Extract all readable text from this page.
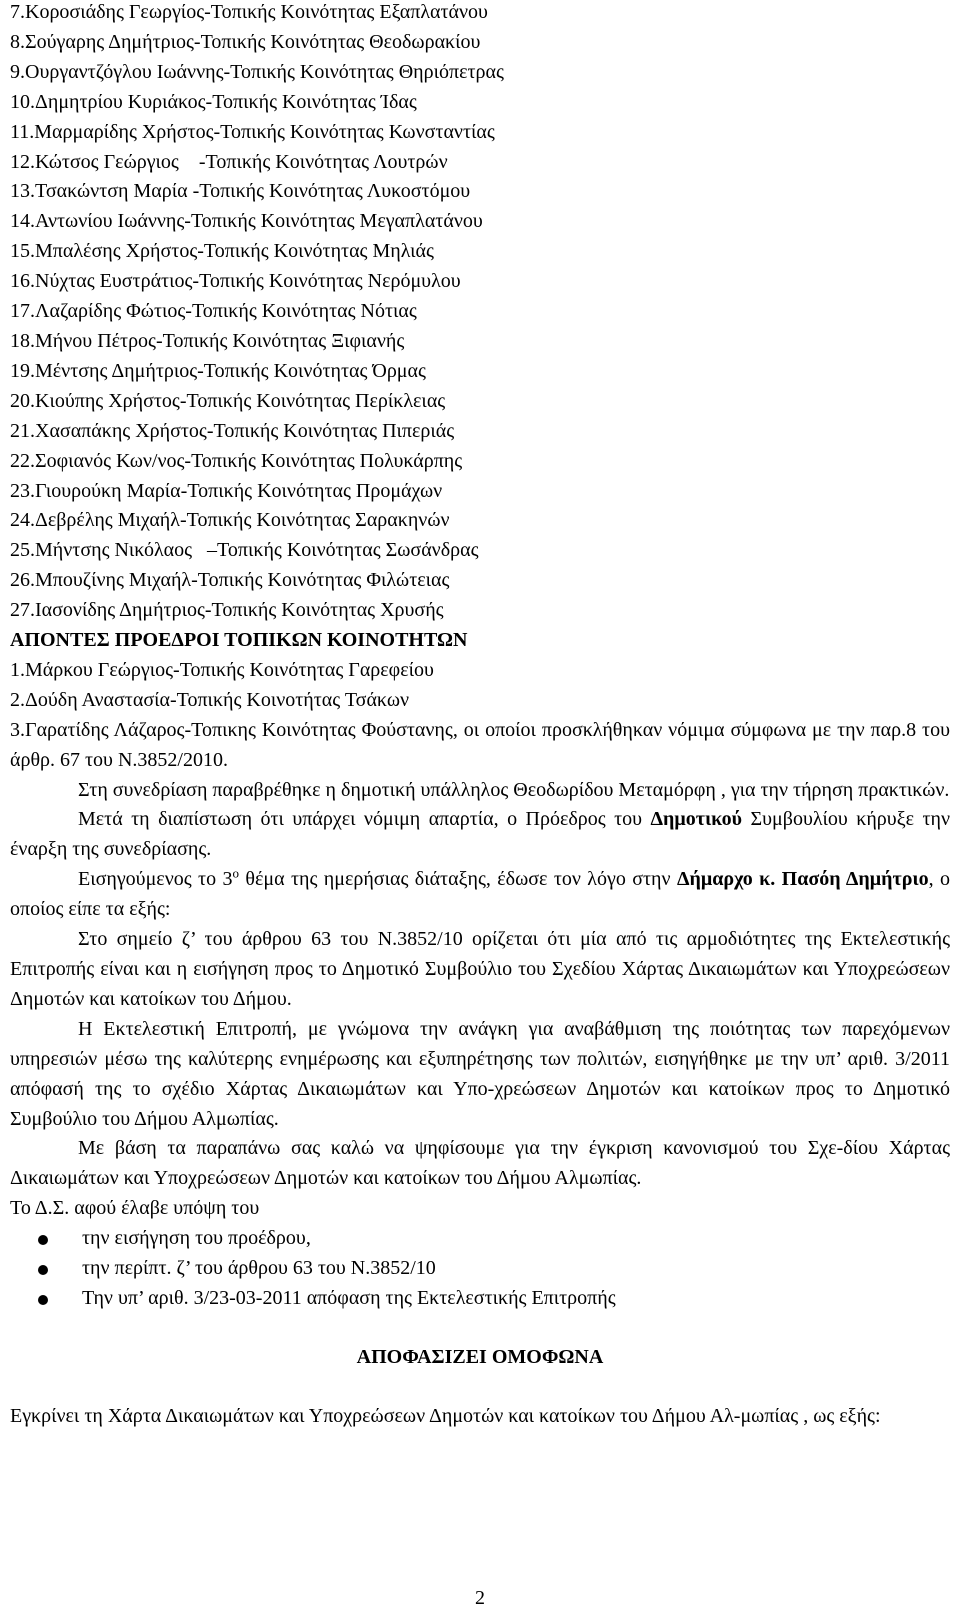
7.Κοροσιάδης Γεωργίος-Τοπικής Κοινότητας Εξαπλατάνου
8.Σούγαρης Δημήτριος-Τοπικής Κοινότητας Θεοδωρακίου
9.Ουργαντζόγλου Ιωάννης-Τοπικής Κοινότητας Θηριόπετρας
10.Δημητρίου Κυριάκος-Τοπικής Κοινότητας Ίδας
11.Μαρμαρίδης Χρήστος-Τοπικής Κοινότητας Κωνσταντίας
12.Κώτσος Γεώργιος    -Τοπικής Κοινότητας Λουτρών
13.Τσακώντση Μαρία -Τοπικής Κοινότητας Λυκοστόμου
14.Αντωνίου Ιωάννης-Τοπικής Κοινότητας Μεγαπλατάνου
15.Μπαλέσης Χρήστος-Τοπικής Κοινότητας Μηλιάς
16.Νύχτας Ευστράτιος-Τοπικής Κοινότητας Νερόμυλου
17.Λαζαρίδης Φώτιος-Τοπικής Κοινότητας Νότιας
18.Μήνου Πέτρος-Τοπικής Κοινότητας Ξιφιανής
19.Μέντσης Δημήτριος-Τοπικής Κοινότητας Όρμας
20.Κιούπης Χρήστος-Τοπικής Κοινότητας Περίκλειας
21.Χασαπάκης Χρήστος-Τοπικής Κοινότητας Πιπεριάς
22.Σοφιανός Κων/νος-Τοπικής Κοινότητας Πολυκάρπης
23.Γιουρούκη Μαρία-Τοπικής Κοινότητας Προμάχων
24.Δεβρέλης Μιχαήλ-Τοπικής Κοινότητας Σαρακηνών
25.Μήντσης Νικόλαος   –Τοπικής Κοινότητας Σωσάνδρας
26.Μπουζίνης Μιχαήλ-Τοπικής Κοινότητας Φιλώτειας
27.Ιασονίδης Δημήτριος-Τοπικής Κοινότητας Χρυσής
ΑΠΟΝΤΕΣ ΠΡΟΕΔΡΟΙ ΤΟΠΙΚΩΝ ΚΟΙΝΟΤΗΤΩΝ
1.Μάρκου Γεώργιος-Τοπικής Κοινότητας Γαρεφείου
2.Δούδη Αναστασία-Τοπικής Κοινοτήτας Τσάκων
3.Γαρατίδης Λάζαρος-Τοπικης Κοινότητας Φούστανης, οι οποίοι προσκλήθηκαν νόμιμα σύμφωνα με την παρ.8 του άρθρ. 67 του Ν.3852/2010.
Στη συνεδρίαση παραβρέθηκε η δημοτική υπάλληλος Θεοδωρίδου Μεταμόρφη , για την τήρηση πρακτικών.
Μετά τη διαπίστωση ότι υπάρχει νόμιμη απαρτία, ο Πρόεδρος του Δημοτικού Συμβουλίου κήρυξε την έναρξη της συνεδρίασης.
Εισηγούμενος το $3^o$ θέμα της ημερήσιας διάταξης, έδωσε τον λόγο στην Δήμαρχο κ. Πασόη Δημήτριο, ο οποίος είπε τα εξής:
Στο σημείο ζ’ του άρθρου 63 του Ν.3852/10 ορίζεται ότι μία από τις αρμοδιότητες της Εκτελεστικής Επιτροπής είναι και η εισήγηση προς το Δημοτικό Συμβούλιο του Σχεδίου Χάρτας Δικαιωμάτων και Υποχρεώσεων Δημοτών και κατοίκων του Δήμου.
Η Εκτελεστική Επιτροπή, με γνώμονα την ανάγκη για αναβάθμιση της ποιότητας των παρεχόμενων υπηρεσιών μέσω της καλύτερης ενημέρωσης και εξυπηρέτησης των πολιτών, εισηγήθηκε με την υπ’ αριθ. 3/2011 απόφασή της το σχέδιο Χάρτας Δικαιωμάτων και Υπο-χρεώσεων Δημοτών και κατοίκων προς το Δημοτικό Συμβούλιο του Δήμου Αλμωπίας.
Με βάση τα παραπάνω σας καλώ να ψηφίσουμε για την έγκριση κανονισμού του Σχε-δίου Χάρτας Δικαιωμάτων και Υποχρεώσεων Δημοτών και κατοίκων του Δήμου Αλμωπίας.
Το Δ.Σ. αφού έλαβε υπόψη του
την εισήγηση του προέδρου,
την περίπτ. ζ’ του άρθρου 63 του Ν.3852/10
Την υπ’ αριθ. 3/23-03-2011 απόφαση της Εκτελεστικής Επιτροπής
ΑΠΟΦΑΣΙΖΕΙ ΟΜΟΦΩΝΑ
Εγκρίνει τη Χάρτα Δικαιωμάτων και Υποχρεώσεων Δημοτών και κατοίκων του Δήμου Αλ-μωπίας , ως εξής:
2
